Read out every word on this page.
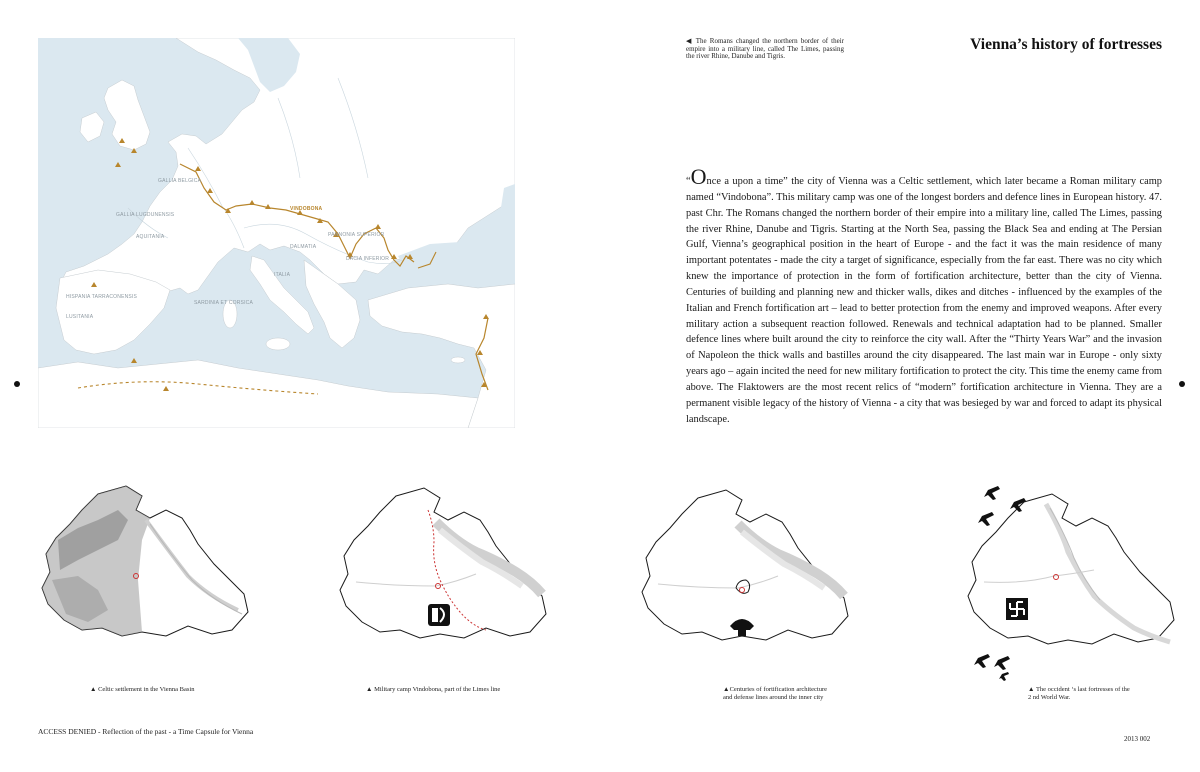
VINDOBONA
GALLIA BELGICA
GALLIA LUGDUNENSIS
AQUITANIA
HISPANIA TARRACONENSIS
LUSITANIA
PANNONIA SUPERIOR
DALMATIA
DACIA INFERIOR
ITALIA
SARDINIA ET CORSICA
◀ The Romans changed the northern border of their empire into a military line, called The Limes, passing the river Rhine, Danube and Tigris.
Vienna’s history of fortresses
“Once a upon a time” the city of Vienna was a Celtic settlement, which later became a Roman military camp named “Vindobona”. This military camp was one of the longest borders and defence lines in European history. 47. past Chr. The Romans changed the northern border of their empire into a military line, called The Limes, passing the river Rhine, Danube and Tigris. Starting at the North Sea, passing the Black Sea and ending at The Persian Gulf, Vienna’s geographical position in the heart of Europe - and the fact it was the main residence of many important potentates - made the city a target of significance, especially from the far east. There was no city which knew the importance of protection in the form of fortification architecture, better than the city of Vienna. Centuries of building and planning new and thicker walls, dikes and ditches - influenced by the examples of the Italian and French fortification art – lead to better protection from the enemy and improved weapons. After every military action a subsequent reaction followed. Renewals and technical adaptation had to be planned. Smaller defence lines where built around the city to reinforce the city wall. After the “Thirty Years War” and the invasion of Napoleon the thick walls and bastilles around the city disappeared. The last main war in Europe - only sixty years ago – again incited the need for new military fortification to protect the city. This time the enemy came from above. The Flaktowers are the most recent relics of “modern” fortification architecture in Vienna. They are a permanent visible legacy of the history of Vienna - a city that was besieged by war and forced to adapt its physical landscape.
▲ Celtic settlement in the Vienna Basin	▲ Military camp Vindobona, part of the Limes line	▲Centuries of fortification architecture and defense lines around the inner city
▲ The occident ‘s last fortresses of the 2 nd World War.
ACCESS DENIED - Reflection of the past - a Time Capsule for Vienna
2013 002
